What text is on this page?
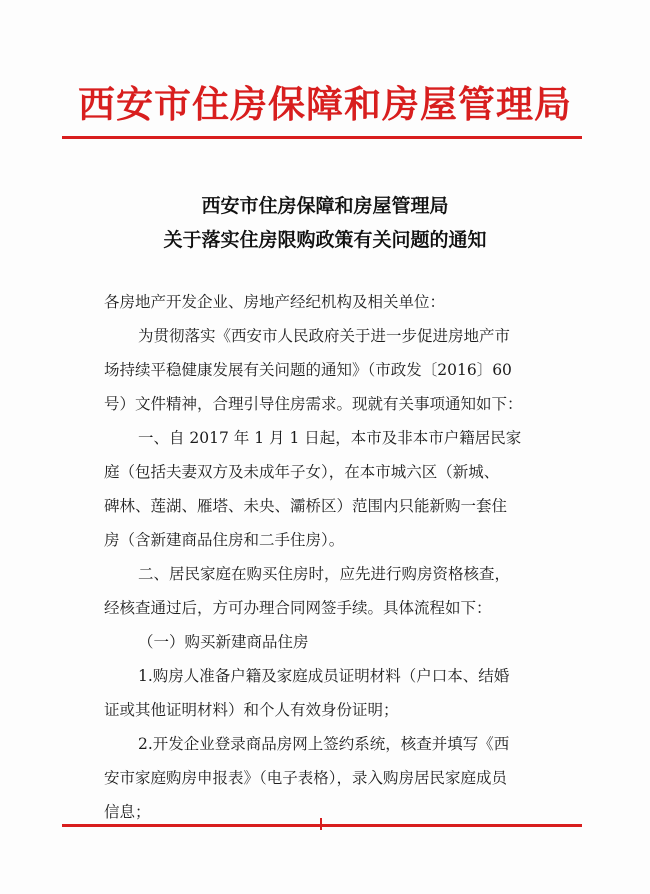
西安市住房保障和房屋管理局
西安市住房保障和房屋管理局
关于落实住房限购政策有关问题的通知
各房地产开发企业、房地产经纪机构及相关单位：
为贯彻落实《西安市人民政府关于进一步促进房地产市
场持续平稳健康发展有关问题的通知》（市政发〔2016〕60
号）文件精神，合理引导住房需求。现就有关事项通知如下：
一、自 2017 年 1 月 1 日起，本市及非本市户籍居民家
庭（包括夫妻双方及未成年子女），在本市城六区（新城、
碑林、莲湖、雁塔、未央、灞桥区）范围内只能新购一套住
房（含新建商品住房和二手住房）。
二、居民家庭在购买住房时，应先进行购房资格核查，
经核查通过后，方可办理合同网签手续。具体流程如下：
（一）购买新建商品住房
1.购房人准备户籍及家庭成员证明材料（户口本、结婚
证或其他证明材料）和个人有效身份证明；
2.开发企业登录商品房网上签约系统，核查并填写《西
安市家庭购房申报表》（电子表格），录入购房居民家庭成员
信息；
